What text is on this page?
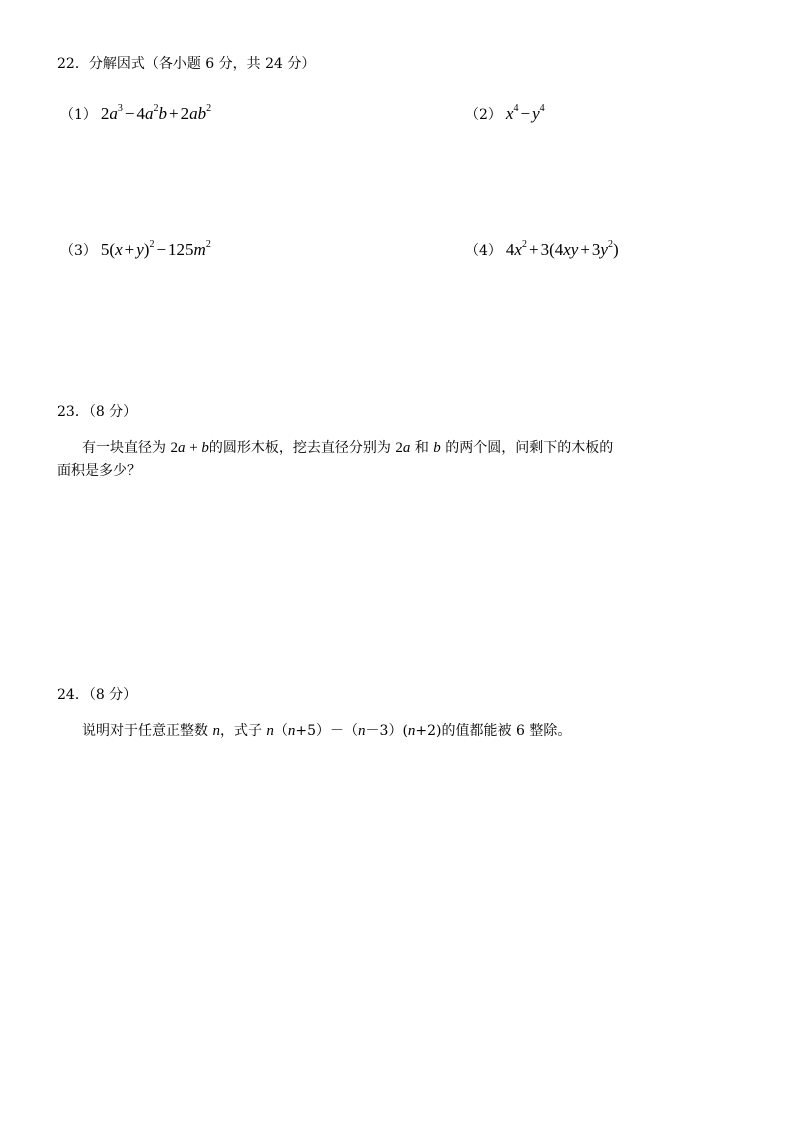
22．分解因式（各小题 6 分，共 24 分）
（1） $2a^3 - 4a^2b + 2ab^2$	（2） $x^4 - y^4$
（3） $5(x + y)^2 - 125m^2$	（4） $4x^2 + 3(4xy + 3y^2)$
23．（8 分）
有一块直径为 2a + b的圆形木板，挖去直径分别为 2a 和 b 的两个圆，问剩下的木板的
面积是多少？
24．（8 分）
说明对于任意正整数 n，式子 n（n+5）－（n－3）(n+2)的值都能被 6 整除。
